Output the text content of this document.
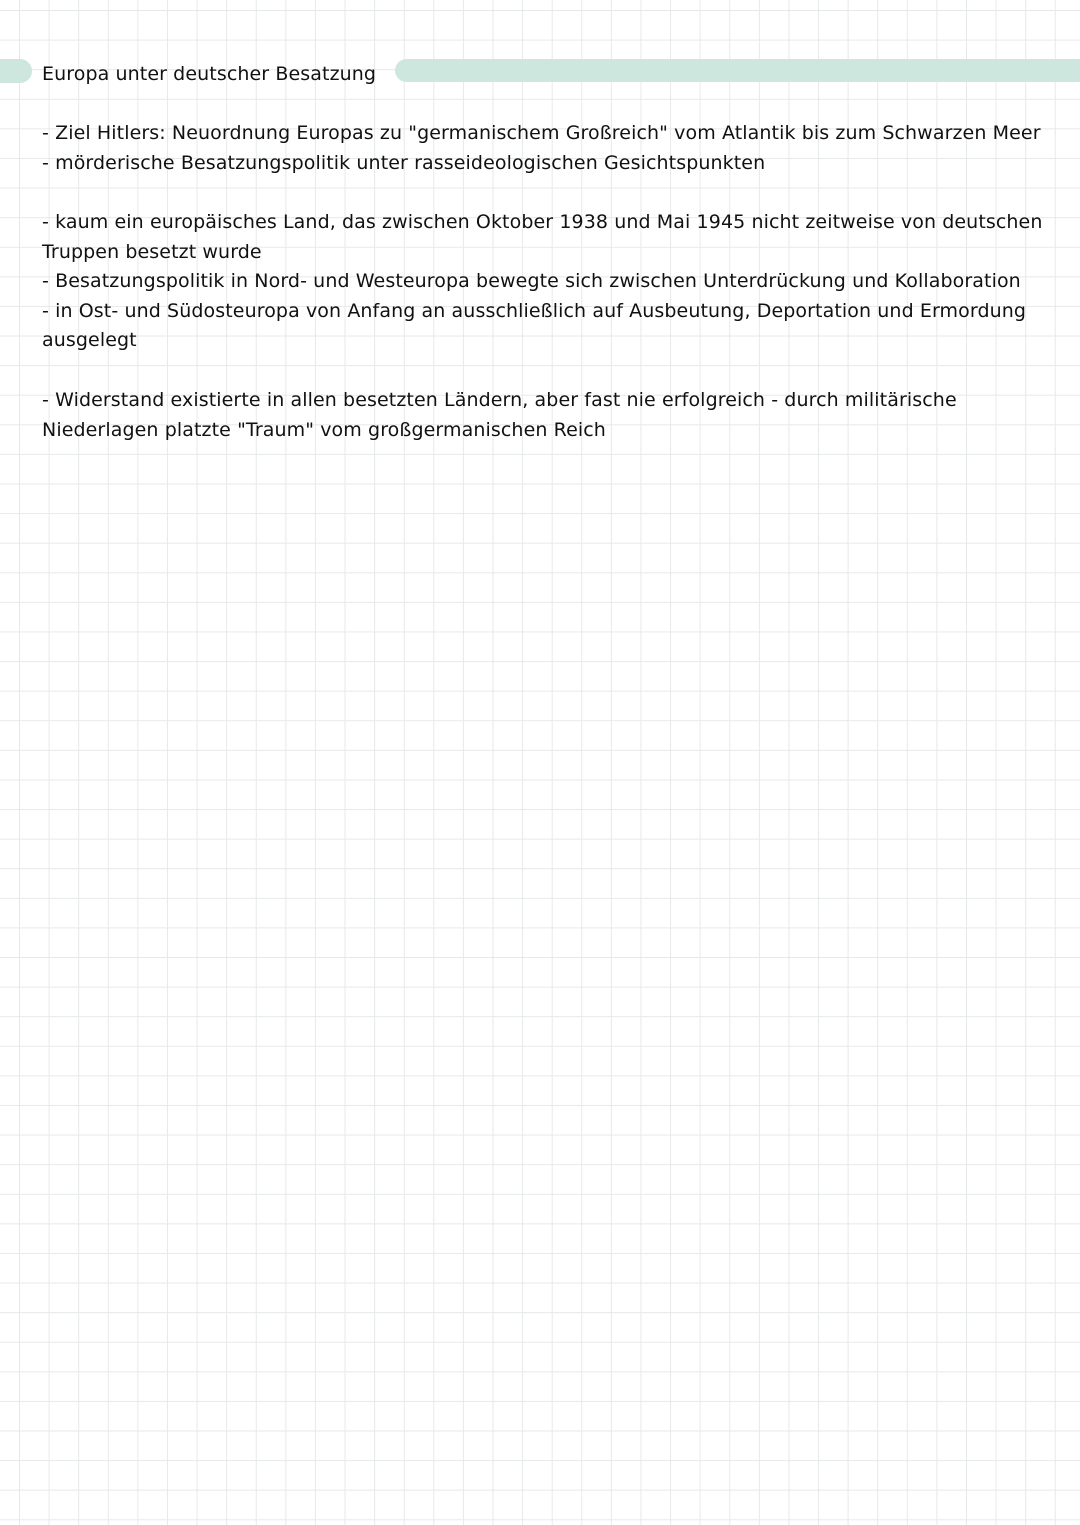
Europa unter deutscher Besatzung

- Ziel Hitlers: Neuordnung Europas zu "germanischem Großreich" vom Atlantik bis zum Schwarzen Meer

- mörderische Besatzungspolitik unter rasseideologischen Gesichtspunkten

- kaum ein europäisches Land, das zwischen Oktober 1938 und Mai 1945 nicht zeitweise von deutschen

Truppen besetzt wurde

- Besatzungspolitik in Nord- und Westeuropa bewegte sich zwischen Unterdrückung und Kollaboration

- in Ost- und Südosteuropa von Anfang an ausschließlich auf Ausbeutung, Deportation und Ermordung

ausgelegt

- Widerstand existierte in allen besetzten Ländern, aber fast nie erfolgreich - durch militärische

Niederlagen platzte "Traum" vom großgermanischen Reich
